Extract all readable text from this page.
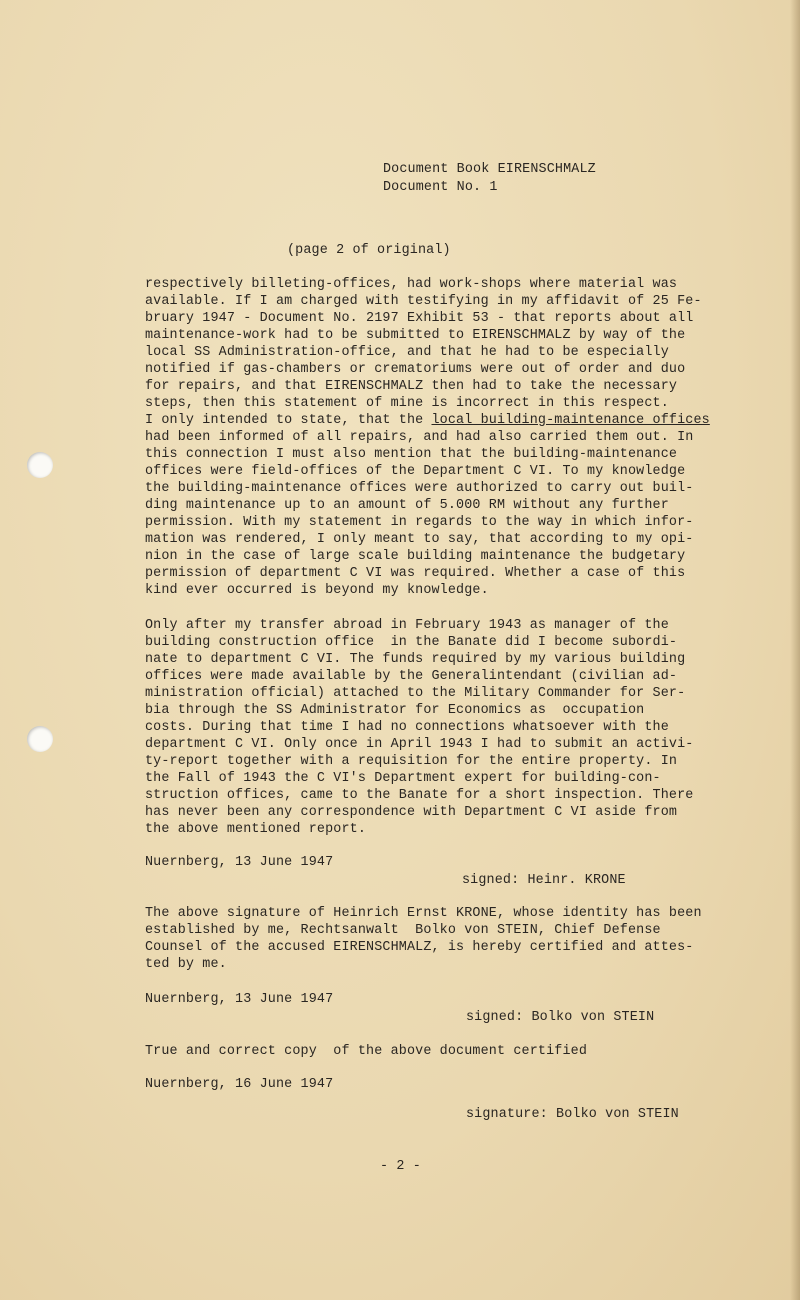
Document Book EIRENSCHMALZ
Document No. 1
(page 2 of original)
respectively billeting-offices, had work-shops where material was
available. If I am charged with testifying in my affidavit of 25 Fe-
bruary 1947 - Document No. 2197 Exhibit 53 - that reports about all
maintenance-work had to be submitted to EIRENSCHMALZ by way of the
local SS Administration-office, and that he had to be especially
notified if gas-chambers or crematoriums were out of order and duo
for repairs, and that EIRENSCHMALZ then had to take the necessary
steps, then this statement of mine is incorrect in this respect.
I only intended to state, that the local building-maintenance offices
had been informed of all repairs, and had also carried them out. In
this connection I must also mention that the building-maintenance
offices were field-offices of the Department C VI. To my knowledge
the building-maintenance offices were authorized to carry out buil-
ding maintenance up to an amount of 5.000 RM without any further
permission. With my statement in regards to the way in which infor-
mation was rendered, I only meant to say, that according to my opi-
nion in the case of large scale building maintenance the budgetary
permission of department C VI was required. Whether a case of this
kind ever occurred is beyond my knowledge.
Only after my transfer abroad in February 1943 as manager of the
building construction office  in the Banate did I become subordi-
nate to department C VI. The funds required by my various building
offices were made available by the Generalintendant (civilian ad-
ministration official) attached to the Military Commander for Ser-
bia through the SS Administrator for Economics as  occupation
costs. During that time I had no connections whatsoever with the
department C VI. Only once in April 1943 I had to submit an activi-
ty-report together with a requisition for the entire property. In
the Fall of 1943 the C VI's Department expert for building-con-
struction offices, came to the Banate for a short inspection. There
has never been any correspondence with Department C VI aside from
the above mentioned report.
Nuernberg, 13 June 1947
signed: Heinr. KRONE
The above signature of Heinrich Ernst KRONE, whose identity has been
established by me, Rechtsanwalt  Bolko von STEIN, Chief Defense
Counsel of the accused EIRENSCHMALZ, is hereby certified and attes-
ted by me.
Nuernberg, 13 June 1947
signed: Bolko von STEIN
True and correct copy  of the above document certified
Nuernberg, 16 June 1947
signature: Bolko von STEIN
- 2 -
